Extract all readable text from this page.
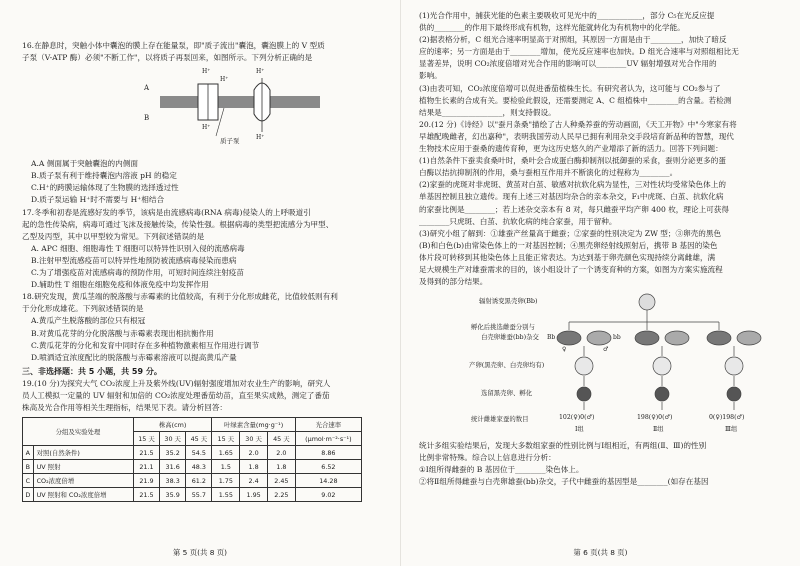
16.在静息时，突触小体中囊泡的膜上存在能量泵，即"质子流出"囊泡，囊泡膜上的 V 型质

子泵（V-ATP 酶）必须"不断工作"，以将质子再泵回来，如图所示。下列分析正确的是

A
B
H⁺
H⁺
H⁺
H⁺
H⁺
质子泵

A.A 侧面属于突触囊泡的内侧面

B.质子泵有利于维持囊泡内溶液 pH 的稳定

C.H⁺的跨膜运输体现了生物膜的选择透过性

D.质子泵运输 H⁺时不需要与 H⁺相结合

17.冬季和初春是流感好发的季节，该病是由流感病毒(RNA 病毒)侵染人的上呼吸道引

起的急性传染病，病毒可通过飞沫及接触传染，传染性强。根据病毒的类型把流感分为甲型、

乙型及丙型，其中以甲型较为常见。下列叙述错误的是

A. APC 细胞、细胞毒性 T 细胞可以特异性识别入侵的流感病毒

B.注射甲型流感疫苗可以特异性地预防被流感病毒侵染而患病

C.为了增强疫苗对流感病毒的预防作用，可短时间连续注射疫苗

D.辅助性 T 细胞在细胞免疫和体液免疫中均发挥作用

18.研究发现，黄瓜茎端的脱落酸与赤霉素的比值较高，有利于分化形成雌花，比值较低则有利

于分化形成雄花。下列叙述错误的是

A.黄瓜产生脱落酸的部位只有根冠

B.对黄瓜花芽的分化脱落酸与赤霉素表现出相抗衡作用

C.黄瓜花芽的分化和发育中同时存在多种植物激素相互作用进行调节

D.喷洒适宜浓度配比的脱落酸与赤霉素溶液可以提高黄瓜产量

三、非选择题：共 5 小题，共 59 分。

19.(10 分)为探究大气 CO₂浓度上升及紫外线(UV)辐射强度增加对农业生产的影响，研究人

员人工模拟一定量的 UV 辐射和加倍的 CO₂浓度处理番茄幼苗，直至果实成熟，测定了番茄

株高及光合作用等相关生理指标，结果见下表。请分析回答：

分组及实验处理		株高(cm)			叶绿素含量(mg·g⁻¹)			光合速率
		15 天	30 天	45 天	15 天	30 天	45 天	(μmol·m⁻²·s⁻¹)
A	对照(自然条件)	21.5	35.2	54.5	1.65	2.0	2.0	8.86
B	UV 照射	21.1	31.6	48.3	1.5	1.8	1.8	6.52
C	CO₂浓度倍增	21.9	38.3	61.2	1.75	2.4	2.45	14.28
D	UV 照射和 CO₂浓度倍增	21.5	35.9	55.7	1.55	1.95	2.25	9.02
第 5 页(共 8 页)

(1)光合作用中，捕获光能的色素主要吸收可见光中的____________，部分 C₅在光反应提

供的________的作用下最终形成有机物，这样光能就转化为有机物中的化学能。

(2)据表格分析，C 组光合速率明显高于对照组，其原因一方面是由于________，加快了暗反

应的速率；另一方面是由于________增加，使光反应速率也加快。D 组光合速率与对照组相比无

显著差异，说明 CO₂浓度倍增对光合作用的影响可以________UV 辐射增强对光合作用的

影响。

(3)由表可知，CO₂浓度倍增可以促进番茄植株生长。有研究者认为，这可能与 CO₂参与了

植物生长素的合成有关。要检验此假设，还需要测定 A、C 组植株中________的含量。若检测

结果是________________，则支持假设。

20.(12 分)《诗经》以"蚕月条桑"描绘了古人种桑养蚕的劳动画面，《天工开物》中"今寒家有将

早雄配晚雌者，幻出嘉种"，表明我国劳动人民早已拥有利用杂交手段培育新品种的智慧，现代

生物技术应用于蚕桑的遗传育种，更为这历史悠久的产业增添了新的活力。回答下列问题：

(1)自然条件下蚕卖食桑叶时，桑叶会合成蛋白酶抑制剂以抵御蚕的采食，蚕则分泌更多的蛋

白酶以拮抗抑制剂的作用，桑与蚕相互作用并不断演化的过程称为________。

(2)家蚕的虎斑对非虎斑、黄茧对白茧、敏感对抗软化病为显性，三对性状均受常染色体上的

单基因控制且独立遗传。现有上述三对基因均杂合的亲本杂交，F₁中虎斑、白茧、抗软化病

的家蚕比例是________；若上述杂交亲本有 8 对，每只雌蚕平均产卵 400 枚，理论上可获得

________只虎斑、白茧、抗软化病的纯合家蚕，用于留种。

(3)研究小组了解到：①雄蚕产丝量高于雌蚕；②家蚕的性别决定为 ZW 型；③卵壳的黑色

(B)和白色(b)由常染色体上的一对基因控制；④黑壳卵经射线照射后，携带 B 基因的染色

体片段可转移到其他染色体上且能正常表达。为达到基于卵壳颜色实现持续分离雌雄，满

足大规模生产对雄蚕需求的目的，该小组设计了一个诱变育种的方案，如图为方案实施流程

及得到的部分结果。

辐射诱变黑壳卵(Bb)
孵化后挑选雌蚕分别与
白壳卵雄蚕(bb)杂交
产卵(黑壳卵、白壳卵均有)
选留黑壳卵、孵化
统计雌雄家蚕的数目
♀	♂
bb
Bb
102(♀)0(♂)
Ⅰ组
198(♀)0(♂)
Ⅱ组
0(♀)198(♂)
Ⅲ组

统计多组实验结果后，发现大多数组家蚕的性别比例与Ⅰ组相近，有两组(Ⅱ、Ⅲ)的性别

比例非常特殊。综合以上信息进行分析：

①Ⅰ组所得雌蚕的 B 基因位于________染色体上。

②将Ⅱ组所得雌蚕与白壳卵雄蚕(bb)杂交，子代中雌蚕的基因型是________(如存在基因

第 6 页(共 8 页)
